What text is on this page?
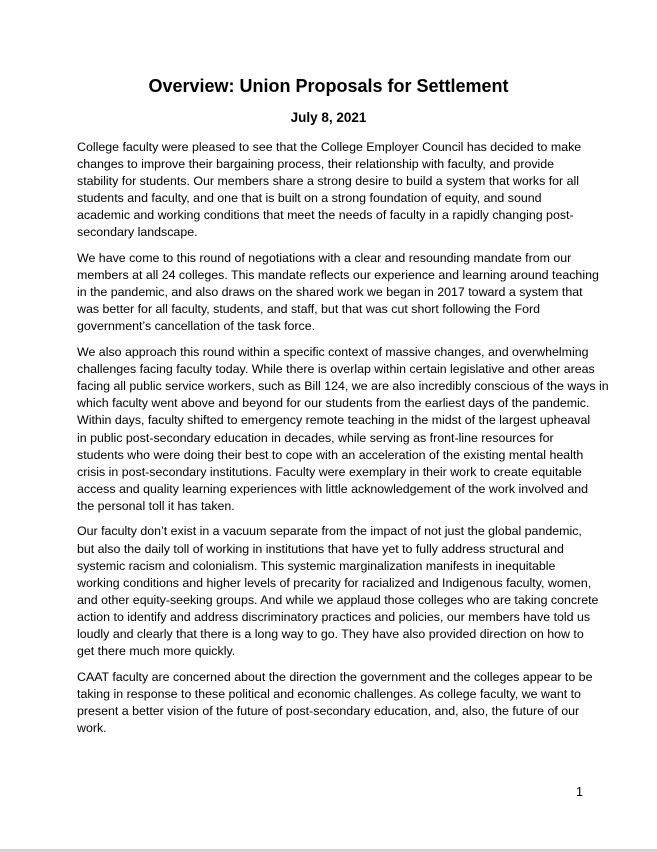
Overview: Union Proposals for Settlement
July 8, 2021

College faculty were pleased to see that the College Employer Council has decided to make
changes to improve their bargaining process, their relationship with faculty, and provide
stability for students. Our members share a strong desire to build a system that works for all
students and faculty, and one that is built on a strong foundation of equity, and sound
academic and working conditions that meet the needs of faculty in a rapidly changing post-
secondary landscape.

We have come to this round of negotiations with a clear and resounding mandate from our
members at all 24 colleges. This mandate reflects our experience and learning around teaching
in the pandemic, and also draws on the shared work we began in 2017 toward a system that
was better for all faculty, students, and staff, but that was cut short following the Ford
government’s cancellation of the task force.

We also approach this round within a specific context of massive changes, and overwhelming
challenges facing faculty today. While there is overlap within certain legislative and other areas
facing all public service workers, such as Bill 124, we are also incredibly conscious of the ways in
which faculty went above and beyond for our students from the earliest days of the pandemic.
Within days, faculty shifted to emergency remote teaching in the midst of the largest upheaval
in public post-secondary education in decades, while serving as front-line resources for
students who were doing their best to cope with an acceleration of the existing mental health
crisis in post-secondary institutions. Faculty were exemplary in their work to create equitable
access and quality learning experiences with little acknowledgement of the work involved and
the personal toll it has taken.

Our faculty don’t exist in a vacuum separate from the impact of not just the global pandemic,
but also the daily toll of working in institutions that have yet to fully address structural and
systemic racism and colonialism. This systemic marginalization manifests in inequitable
working conditions and higher levels of precarity for racialized and Indigenous faculty, women,
and other equity-seeking groups. And while we applaud those colleges who are taking concrete
action to identify and address discriminatory practices and policies, our members have told us
loudly and clearly that there is a long way to go. They have also provided direction on how to
get there much more quickly.

CAAT faculty are concerned about the direction the government and the colleges appear to be
taking in response to these political and economic challenges. As college faculty, we want to
present a better vision of the future of post-secondary education, and, also, the future of our
work.

1
